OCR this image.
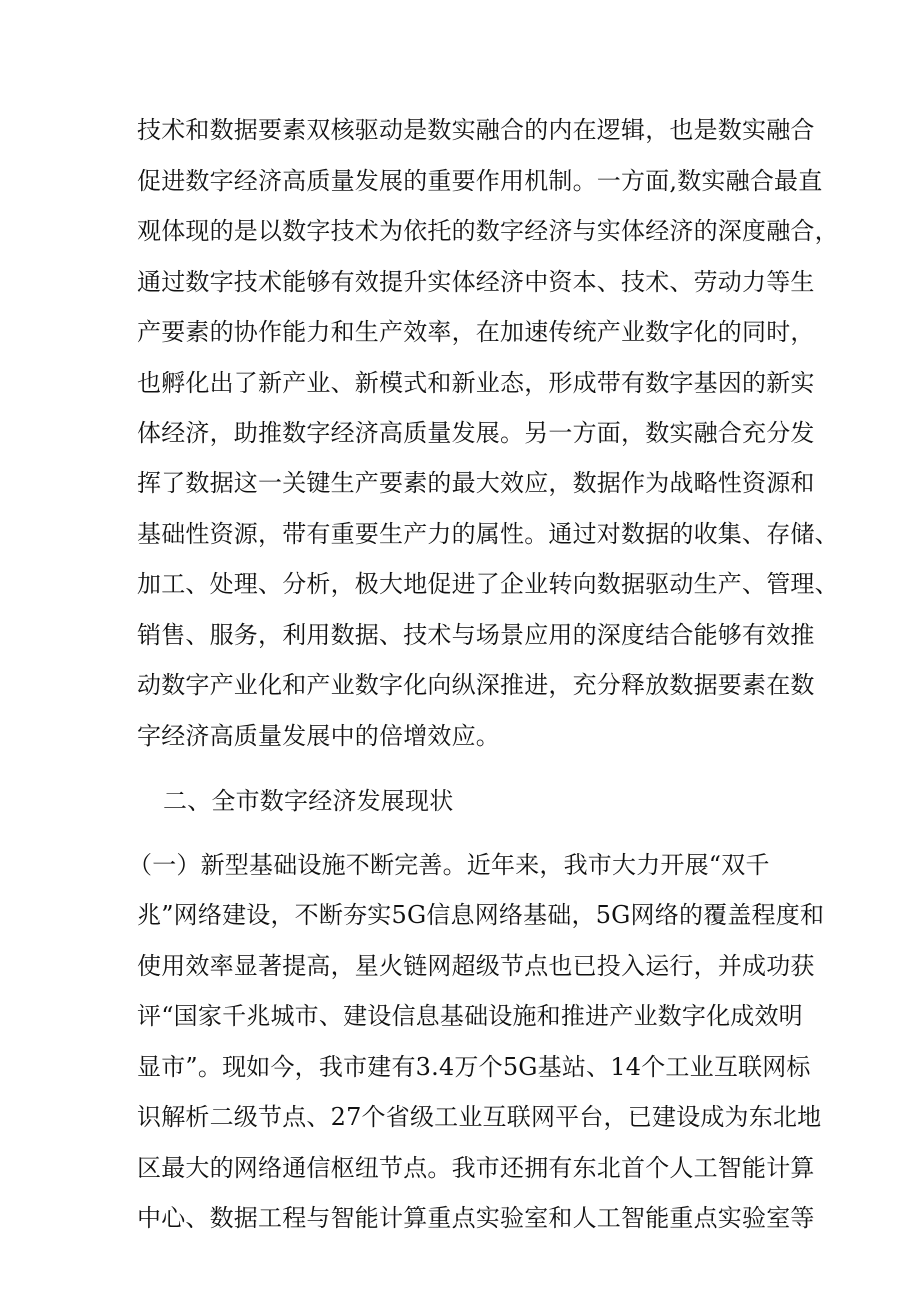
技术和数据要素双核驱动是数实融合的内在逻辑，也是数实融合
促进数字经济高质量发展的重要作用机制。一方面,数实融合最直
观体现的是以数字技术为依托的数字经济与实体经济的深度融合，
通过数字技术能够有效提升实体经济中资本、技术、劳动力等生
产要素的协作能力和生产效率，在加速传统产业数字化的同时，
也孵化出了新产业、新模式和新业态，形成带有数字基因的新实
体经济，助推数字经济高质量发展。另一方面，数实融合充分发
挥了数据这一关键生产要素的最大效应，数据作为战略性资源和
基础性资源，带有重要生产力的属性。通过对数据的收集、存储、
加工、处理、分析，极大地促进了企业转向数据驱动生产、管理、
销售、服务，利用数据、技术与场景应用的深度结合能够有效推
动数字产业化和产业数字化向纵深推进，充分释放数据要素在数
字经济高质量发展中的倍增效应。
二、全市数字经济发展现状
（一）新型基础设施不断完善。近年来，我市大力开展“双千
兆”网络建设，不断夯实5G信息网络基础，5G网络的覆盖程度和
使用效率显著提高，星火链网超级节点也已投入运行，并成功获
评“国家千兆城市、建设信息基础设施和推进产业数字化成效明
显市”。现如今，我市建有3.4万个5G基站、14个工业互联网标
识解析二级节点、27个省级工业互联网平台，已建设成为东北地
区最大的网络通信枢纽节点。我市还拥有东北首个人工智能计算
中心、数据工程与智能计算重点实验室和人工智能重点实验室等
